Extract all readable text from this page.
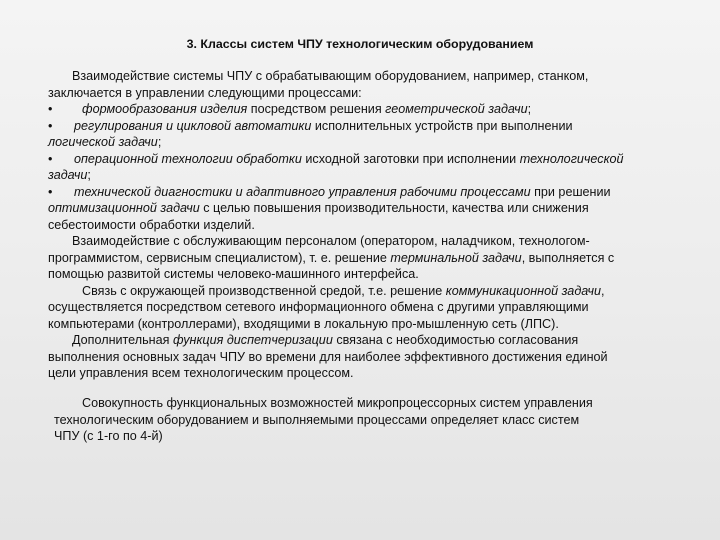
3. Классы систем ЧПУ технологическим оборудованием
Взаимодействие системы ЧПУ с обрабатывающим оборудованием, например, станком,
заключается в управлении следующими процессами:
• формообразования изделия посредством решения геометрической задачи;
• регулирования и цикловой автоматики исполнительных устройств при выполнении
логической задачи;
• операционной технологии обработки исходной заготовки при исполнении технологической
задачи;
• технической диагностики и адаптивного управления рабочими процессами при решении
оптимизационной задачи с целью повышения производительности, качества или снижения
себестоимости обработки изделий.
Взаимодействие с обслуживающим персоналом (оператором, наладчиком, технологом-
программистом, сервисным специалистом), т. е. решение терминальной задачи, выполняется с
помощью развитой системы человеко-машинного интерфейса.
Связь с окружающей производственной средой, т.е. решение коммуникационной задачи,
осуществляется посредством сетевого информационного обмена с другими управляющими
компьютерами (контроллерами), входящими в локальную про-мышленную сеть (ЛПС).
Дополнительная функция диспетчеризации связана с необходимостью согласования
выполнения основных задач ЧПУ во времени для наиболее эффективного достижения единой
цели управления всем технологическим процессом.
Совокупность функциональных возможностей микропроцессорных систем управления
технологическим оборудованием и выполняемыми процессами определяет класс систем
ЧПУ (с 1-го по 4-й)
